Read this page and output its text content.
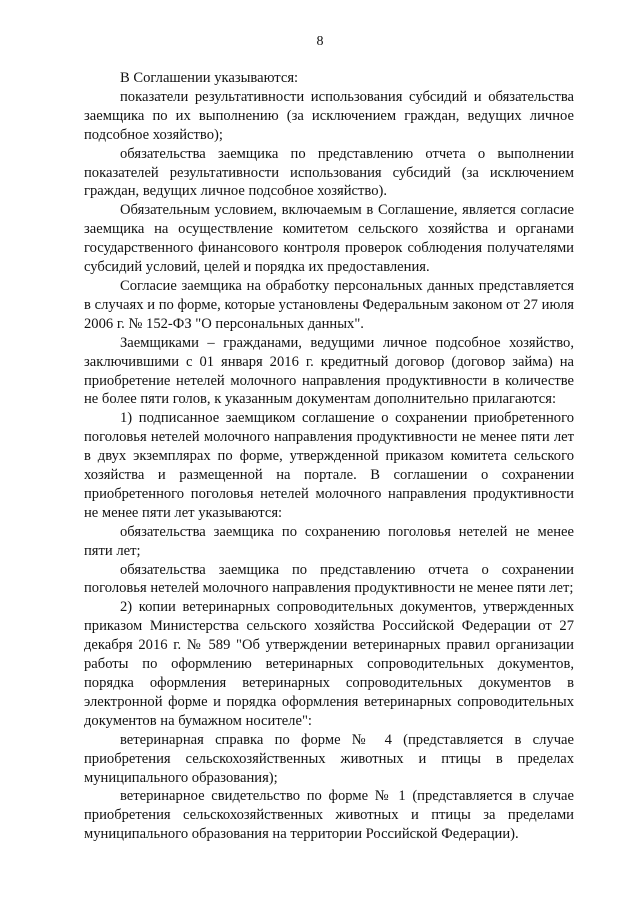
8

В Соглашении указываются:

показатели результативности использования субсидий и обязательства заемщика по их выполнению (за исключением граждан, ведущих личное подсобное хозяйство);

обязательства заемщика по представлению отчета о выполнении показателей результативности использования субсидий (за исключением граждан, ведущих личное подсобное хозяйство).

Обязательным условием, включаемым в Соглашение, является согласие заемщика на осуществление комитетом сельского хозяйства и органами государственного финансового контроля проверок соблюдения получателями субсидий условий, целей и порядка их предоставления.

Согласие заемщика на обработку персональных данных представляется в случаях и по форме, которые установлены Федеральным законом от 27 июля 2006 г. № 152-ФЗ "О персональных данных".

Заемщиками – гражданами, ведущими личное подсобное хозяйство, заключившими с 01 января 2016 г. кредитный договор (договор займа) на приобретение нетелей молочного направления продуктивности в количестве не более пяти голов, к указанным документам дополнительно прилагаются:

1) подписанное заемщиком соглашение о сохранении приобретенного поголовья нетелей молочного направления продуктивности не менее пяти лет в двух экземплярах по форме, утвержденной приказом комитета сельского хозяйства и размещенной на портале. В соглашении о сохранении приобретенного поголовья нетелей молочного направления продуктивности не менее пяти лет указываются:

обязательства заемщика по сохранению поголовья нетелей не менее пяти лет;

обязательства заемщика по представлению отчета о сохранении поголовья нетелей молочного направления продуктивности не менее пяти лет;

2) копии ветеринарных сопроводительных документов, утвержденных приказом Министерства сельского хозяйства Российской Федерации от 27 декабря 2016 г. № 589 "Об утверждении ветеринарных правил организации работы по оформлению ветеринарных сопроводительных документов, порядка оформления ветеринарных сопроводительных документов в электронной форме и порядка оформления ветеринарных сопроводительных документов на бумажном носителе":

ветеринарная справка по форме № 4 (представляется в случае приобретения сельскохозяйственных животных и птицы в пределах муниципального образования);

ветеринарное свидетельство по форме № 1 (представляется в случае приобретения сельскохозяйственных животных и птицы за пределами муниципального образования на территории Российской Федерации).
